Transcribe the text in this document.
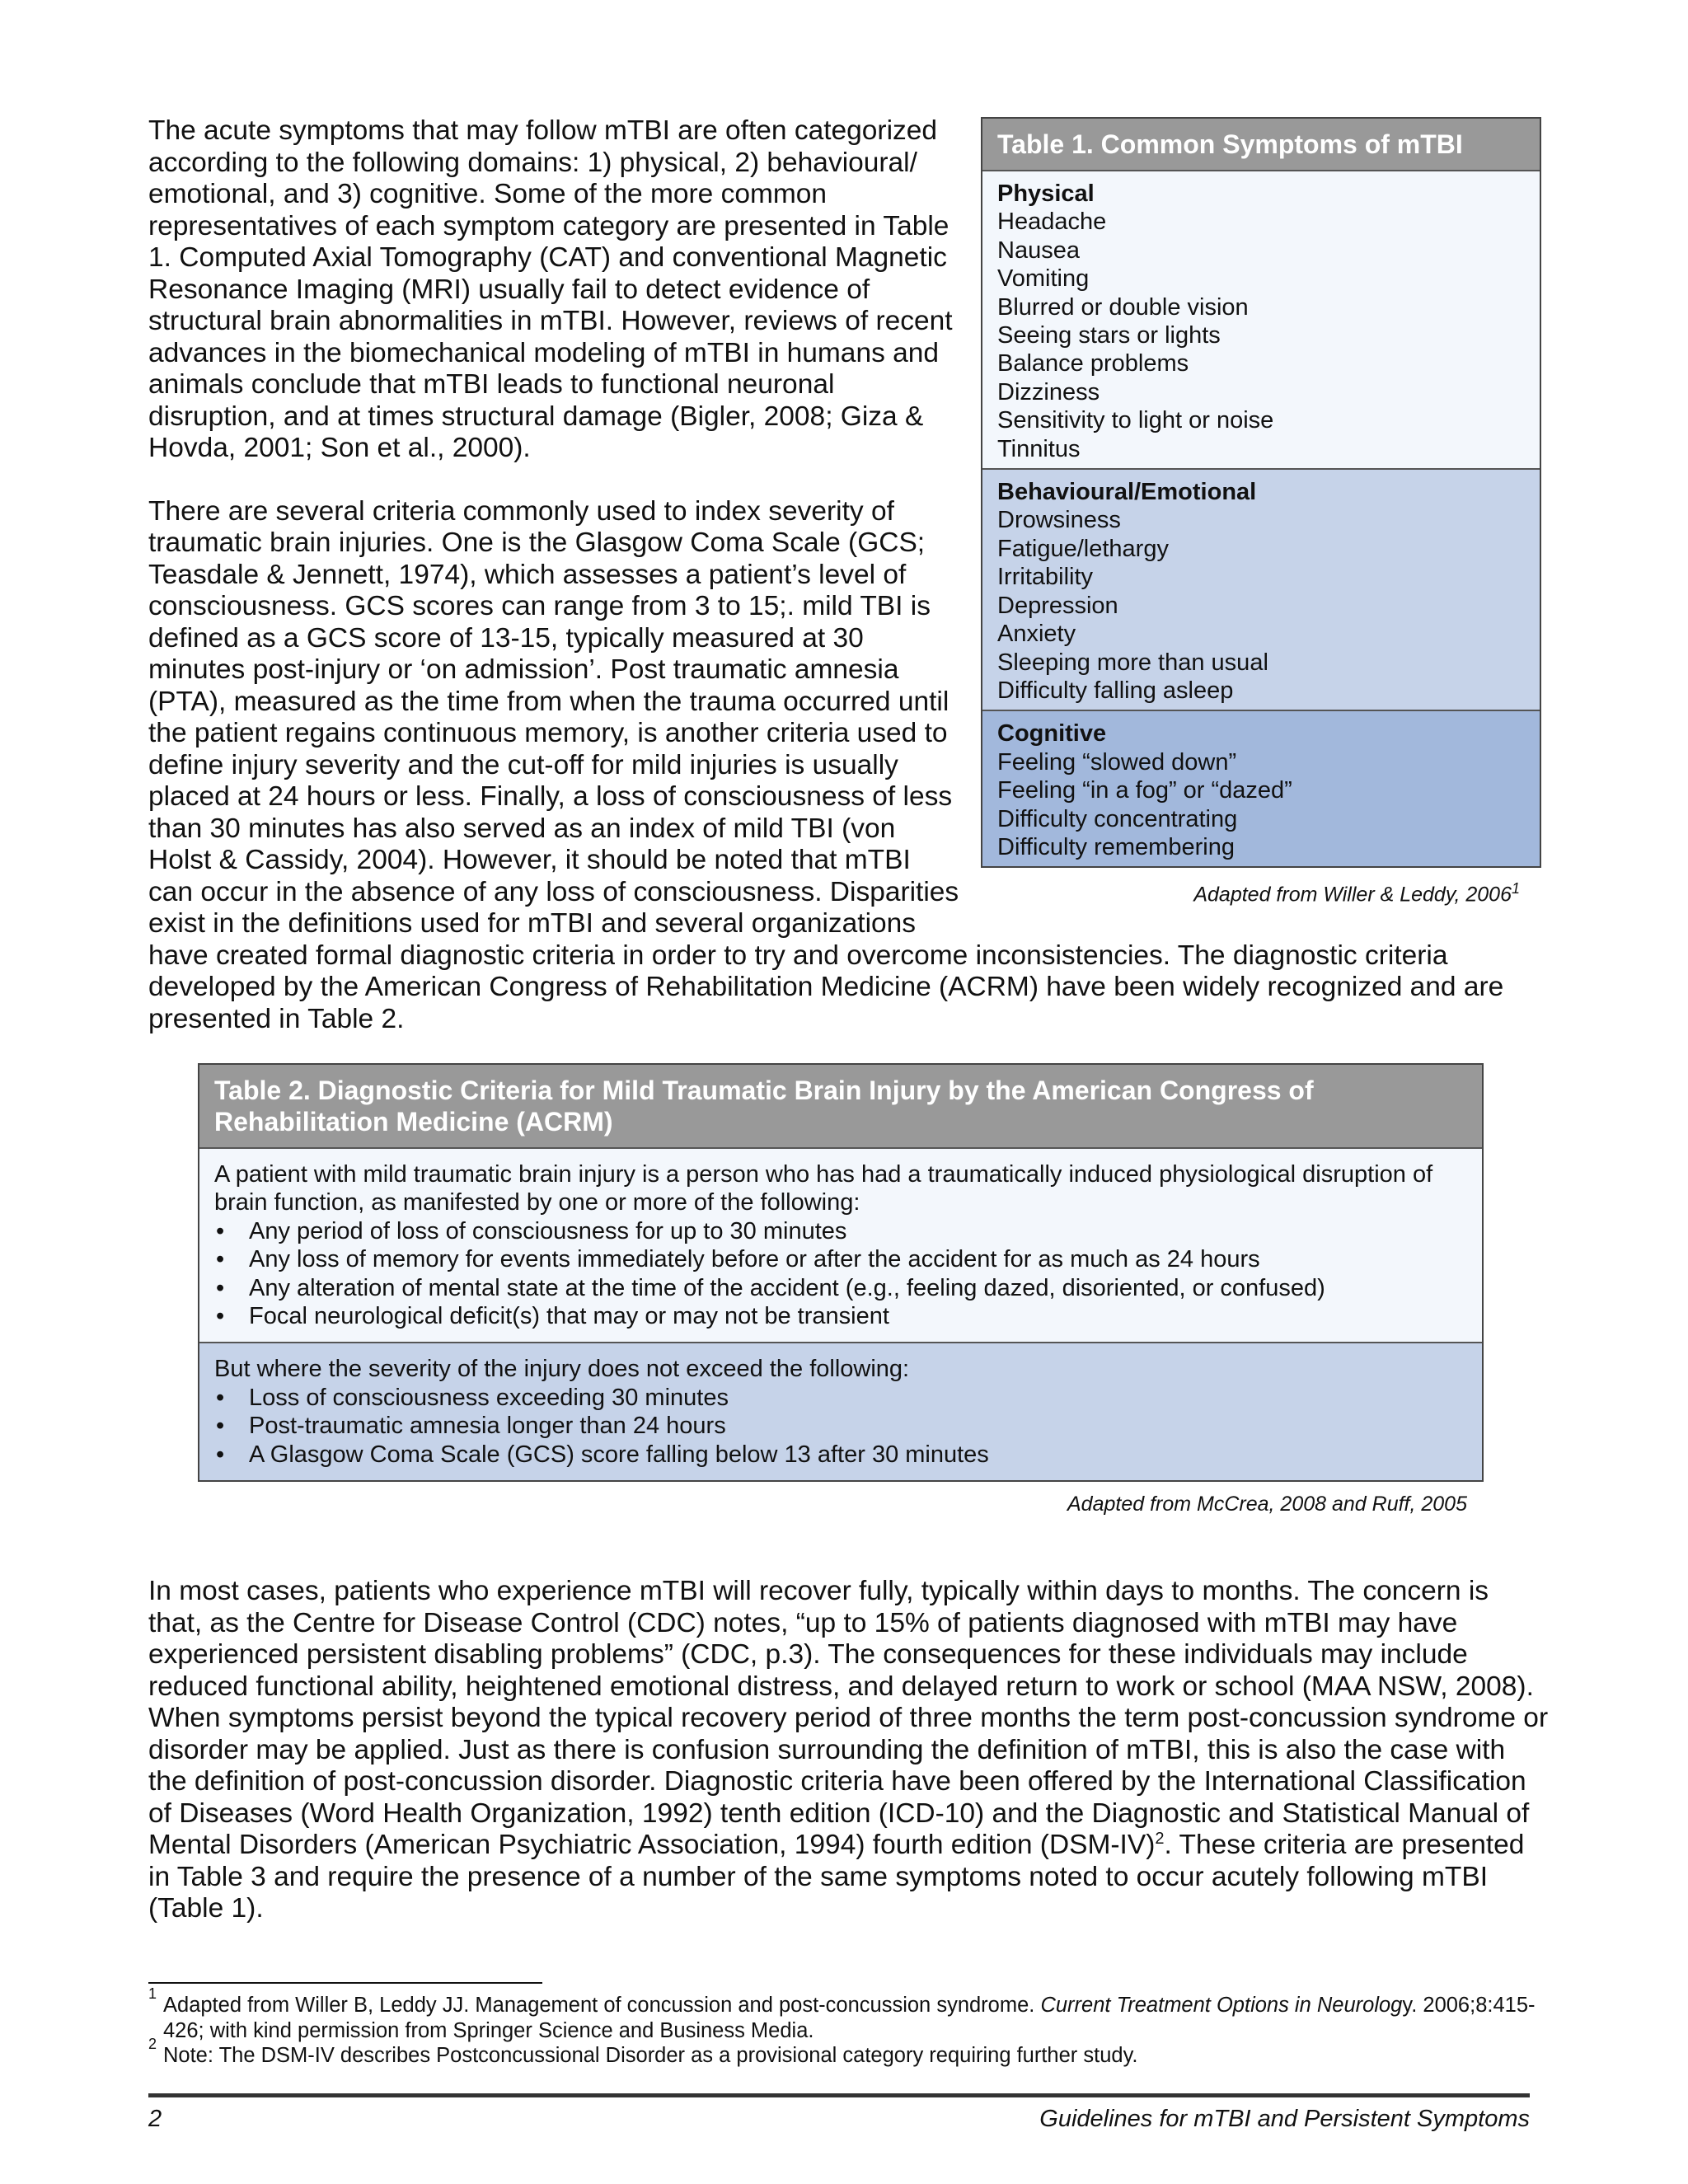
Table 1. Common Symptoms of mTBI
Physical
Headache
Nausea
Vomiting
Blurred or double vision
Seeing stars or lights
Balance problems
Dizziness
Sensitivity to light or noise
Tinnitus
Behavioural/Emotional
Drowsiness
Fatigue/lethargy
Irritability
Depression
Anxiety
Sleeping more than usual
Difficulty falling asleep
Cognitive
Feeling “slowed down”
Feeling “in a fog” or “dazed”
Difficulty concentrating
Difficulty remembering
Adapted from Willer & Leddy, 2006$^1$

The acute symptoms that may follow mTBI are often categorized according to the following domains: 1) physical, 2) behavioural/ emotional, and 3) cognitive. Some of the more common representatives of each symptom category are presented in Table 1. Computed Axial Tomography (CAT) and conventional Magnetic Resonance Imaging (MRI) usually fail to detect evidence of structural brain abnormalities in mTBI. However, reviews of recent advances in the biomechanical modeling of mTBI in humans and animals conclude that mTBI leads to functional neuronal disruption, and at times structural damage (Bigler, 2008; Giza & Hovda, 2001; Son et al., 2000).

There are several criteria commonly used to index severity of traumatic brain injuries. One is the Glasgow Coma Scale (GCS; Teasdale & Jennett, 1974), which assesses a patient’s level of consciousness. GCS scores can range from 3 to 15;. mild TBI is defined as a GCS score of 13-15, typically measured at 30 minutes post-injury or ‘on admission’. Post traumatic amnesia (PTA), measured as the time from when the trauma occurred until the patient regains continuous memory, is another criteria used to define injury severity and the cut-off for mild injuries is usually placed at 24 hours or less. Finally, a loss of consciousness of less than 30 minutes has also served as an index of mild TBI (von Holst & Cassidy, 2004). However, it should be noted that mTBI can occur in the absence of any loss of consciousness. Disparities exist in the definitions used for mTBI and several organizations have created formal diagnostic criteria in order to try and overcome inconsistencies. The diagnostic criteria developed by the American Congress of Rehabilitation Medicine (ACRM) have been widely recognized and are presented in Table 2.

Table 2. Diagnostic Criteria for Mild Traumatic Brain Injury by the American Congress of Rehabilitation Medicine (ACRM)
A patient with mild traumatic brain injury is a person who has had a traumatically induced physiological disruption of brain function, as manifested by one or more of the following:
• Any period of loss of consciousness for up to 30 minutes
• Any loss of memory for events immediately before or after the accident for as much as 24 hours
• Any alteration of mental state at the time of the accident (e.g., feeling dazed, disoriented, or confused)
• Focal neurological deficit(s) that may or may not be transient
But where the severity of the injury does not exceed the following:
• Loss of consciousness exceeding 30 minutes
• Post-traumatic amnesia longer than 24 hours
• A Glasgow Coma Scale (GCS) score falling below 13 after 30 minutes
Adapted from McCrea, 2008 and Ruff, 2005

In most cases, patients who experience mTBI will recover fully, typically within days to months. The concern is that, as the Centre for Disease Control (CDC) notes, “up to 15% of patients diagnosed with mTBI may have experienced persistent disabling problems” (CDC, p.3). The consequences for these individuals may include reduced functional ability, heightened emotional distress, and delayed return to work or school (MAA NSW, 2008). When symptoms persist beyond the typical recovery period of three months the term post-concussion syndrome or disorder may be applied. Just as there is confusion surrounding the definition of mTBI, this is also the case with the definition of post-concussion disorder. Diagnostic criteria have been offered by the International Classification of Diseases (Word Health Organization, 1992) tenth edition (ICD-10) and the Diagnostic and Statistical Manual of Mental Disorders (American Psychiatric Association, 1994) fourth edition $(DSM-IV)^2$. These criteria are presented in Table 3 and require the presence of a number of the same symptoms noted to occur acutely following mTBI (Table 1).

1 Adapted from Willer B, Leddy JJ. Management of concussion and post-concussion syndrome. Current Treatment Options in Neurology. 2006;8:415-426; with kind permission from Springer Science and Business Media.
2 Note: The DSM-IV describes Postconcussional Disorder as a provisional category requiring further study.
2	Guidelines for mTBI and Persistent Symptoms
